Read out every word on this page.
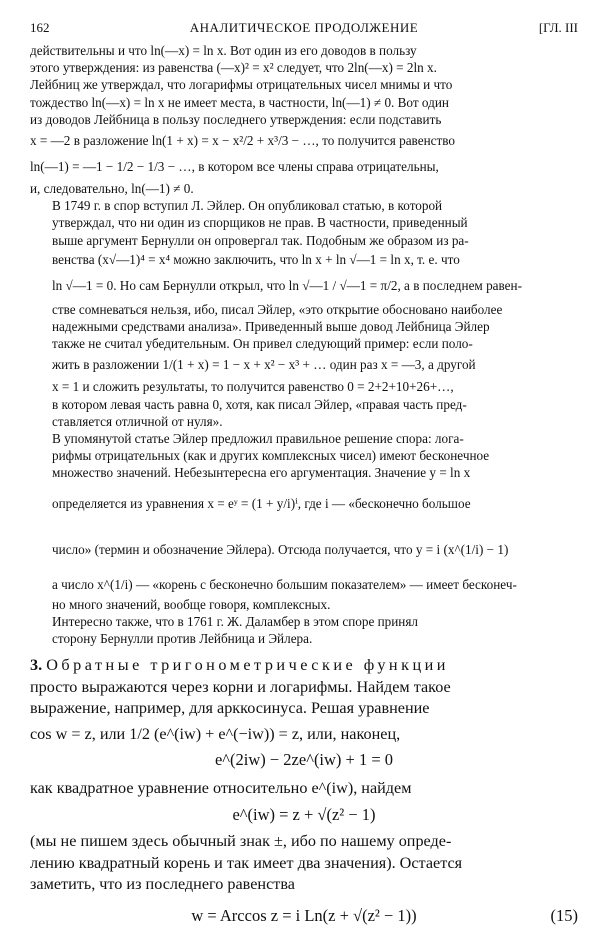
162	АНАЛИТИЧЕСКОЕ ПРОДОЛЖЕНИЕ	[ГЛ. III

действительны и что ln(—x) = ln x. Вот один из его доводов в пользу
этого утверждения: из равенства (—x)² = x² следует, что 2ln(—x) = 2ln x.
Лейбниц же утверждал, что логарифмы отрицательных чисел мнимы и что
тождество ln(—x) = ln x не имеет места, в частности, ln(—1) ≠ 0. Вот один
из доводов Лейбница в пользу последнего утверждения: если подставить
x = —2 в разложение ln(1 + x) = x − x²/2 + x³/3 − …, то получится равенство
ln(—1) = —1 − 1/2 − 1/3 − …, в котором все члены справа отрицательны,
и, следовательно, ln(—1) ≠ 0.

В 1749 г. в спор вступил Л. Эйлер. Он опубликовал статью, в которой
утверждал, что ни один из спорщиков не прав. В частности, приведенный
выше аргумент Бернулли он опровергал так. Подобным же образом из ра-
венства (x√—1)⁴ = x⁴ можно заключить, что ln x + ln √—1 = ln x, т. е. что
ln √—1 = 0. Но сам Бернулли открыл, что ln √—1 / √—1 = π/2, а в последнем равен-
стве сомневаться нельзя, ибо, писал Эйлер, «это открытие обосновано наиболее
надежными средствами анализа». Приведенный выше довод Лейбница Эйлер
также не считал убедительным. Он привел следующий пример: если поло-
жить в разложении 1/(1 + x) = 1 − x + x² − x³ + … один раз x = —3, а другой
x = 1 и сложить результаты, то получится равенство 0 = 2+2+10+26+…,
в котором левая часть равна 0, хотя, как писал Эйлер, «правая часть пред-
ставляется отличной от нуля».

В упомянутой статье Эйлер предложил правильное решение спора: лога-
рифмы отрицательных (как и других комплексных чисел) имеют бесконечное
множество значений. Небезынтересна его аргументация. Значение y = ln x
определяется из уравнения x = eʸ = (1 + y/i)ⁱ, где i — «бесконечно большое
число» (термин и обозначение Эйлера). Отсюда получается, что y = i (x^(1/i) − 1)
а число x^(1/i) — «корень с бесконечно большим показателем» — имеет бесконеч-
но много значений, вообще говоря, комплексных.

Интересно также, что в 1761 г. Ж. Даламбер в этом споре принял
сторону Бернулли против Лейбница и Эйлера.

3. Обратные тригонометрические функции
просто выражаются через корни и логарифмы. Найдем такое
выражение, например, для арккосинуса. Решая уравнение
cos w = z, или 1/2 (e^(iw) + e^(−iw)) = z, или, наконец,

e^(2iw) − 2ze^(iw) + 1 = 0

как квадратное уравнение относительно e^(iw), найдем

e^(iw) = z + √(z² − 1)

(мы не пишем здесь обычный знак ±, ибо по нашему опреде-
лению квадратный корень и так имеет два значения). Остается
заметить, что из последнего равенства

w = Arccos z = i Ln(z + √(z² − 1))	(15)
